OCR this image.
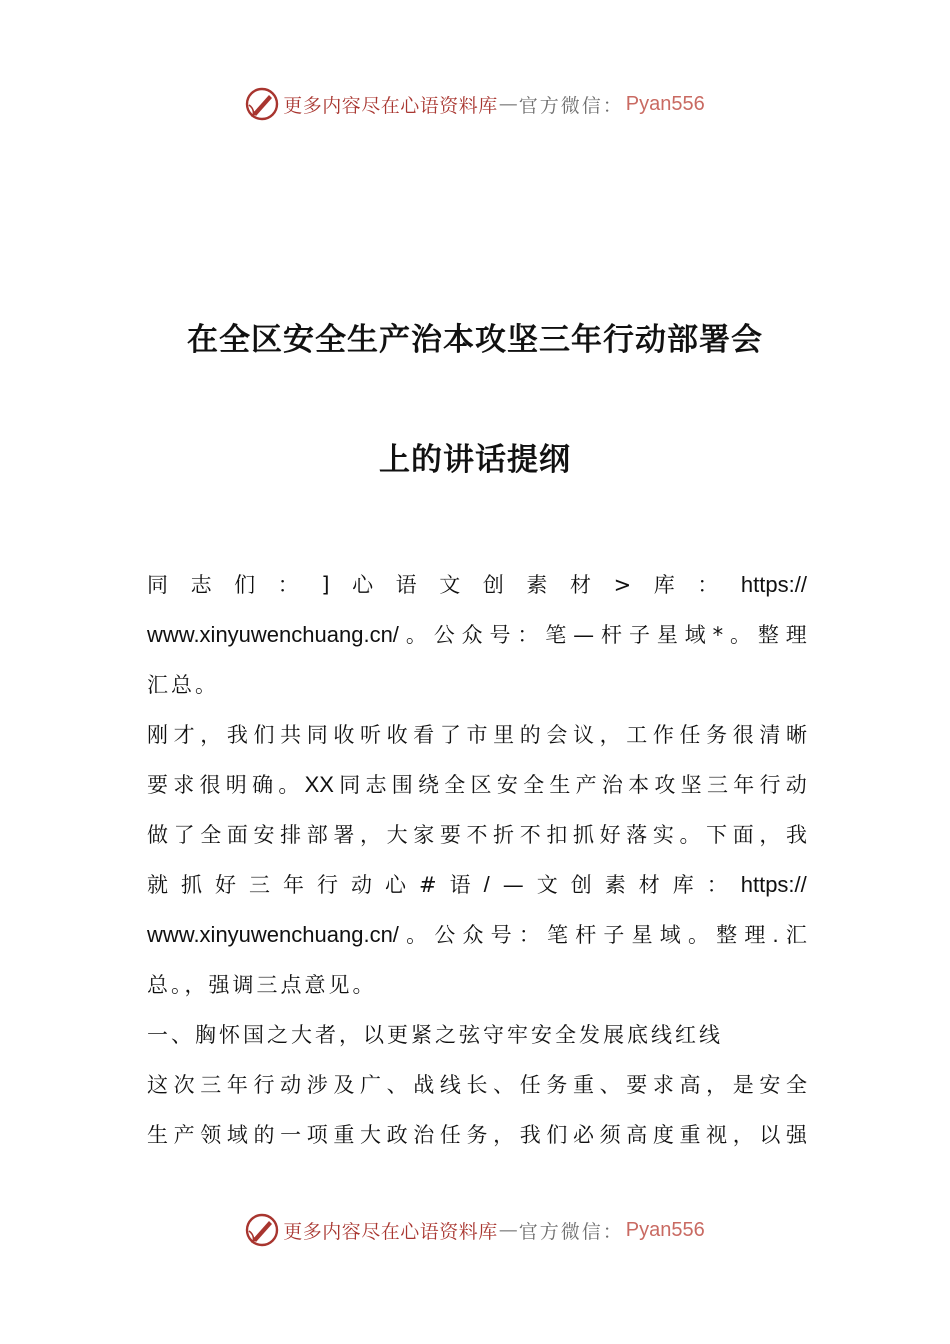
更多内容尽在心语资料库 — 官方微信： Pyan556
在全区安全生产治本攻坚三年行动部署会
上的讲话提纲
同 志 们 ： ] 心 语 文 创 素 材 > 库 ： https://
www.xinyuwenchuang.cn/ 。 公 众 号 ： 笔 — 杆 子 星 域 * 。 整 理
汇总。
刚 才 ， 我 们 共 同 收 听 收 看 了 市 里 的 会 议 ， 工 作 任 务 很 清 晰
要 求 很 明 确 。 XX 同 志 围 绕 全 区 安 全 生 产 治 本 攻 坚 三 年 行 动
做 了 全 面 安 排 部 署 ， 大 家 要 不 折 不 扣 抓 好 落 实 。 下 面 ， 我
就 抓 好 三 年 行 动 心 # 语 / — 文 创 素 材 库 ： https://
www.xinyuwenchuang.cn/ 。 公 众 号 ： 笔 杆 子 星 域 。 整 理 . 汇
总。，强调三点意见。
一、胸怀国之大者，以更紧之弦守牢安全发展底线红线
这 次 三 年 行 动 涉 及 广 、 战 线 长 、 任 务 重 、 要 求 高 ， 是 安 全
生 产 领 域 的 一 项 重 大 政 治 任 务 ， 我 们 必 须 高 度 重 视 ， 以 强
更多内容尽在心语资料库 — 官方微信： Pyan556
